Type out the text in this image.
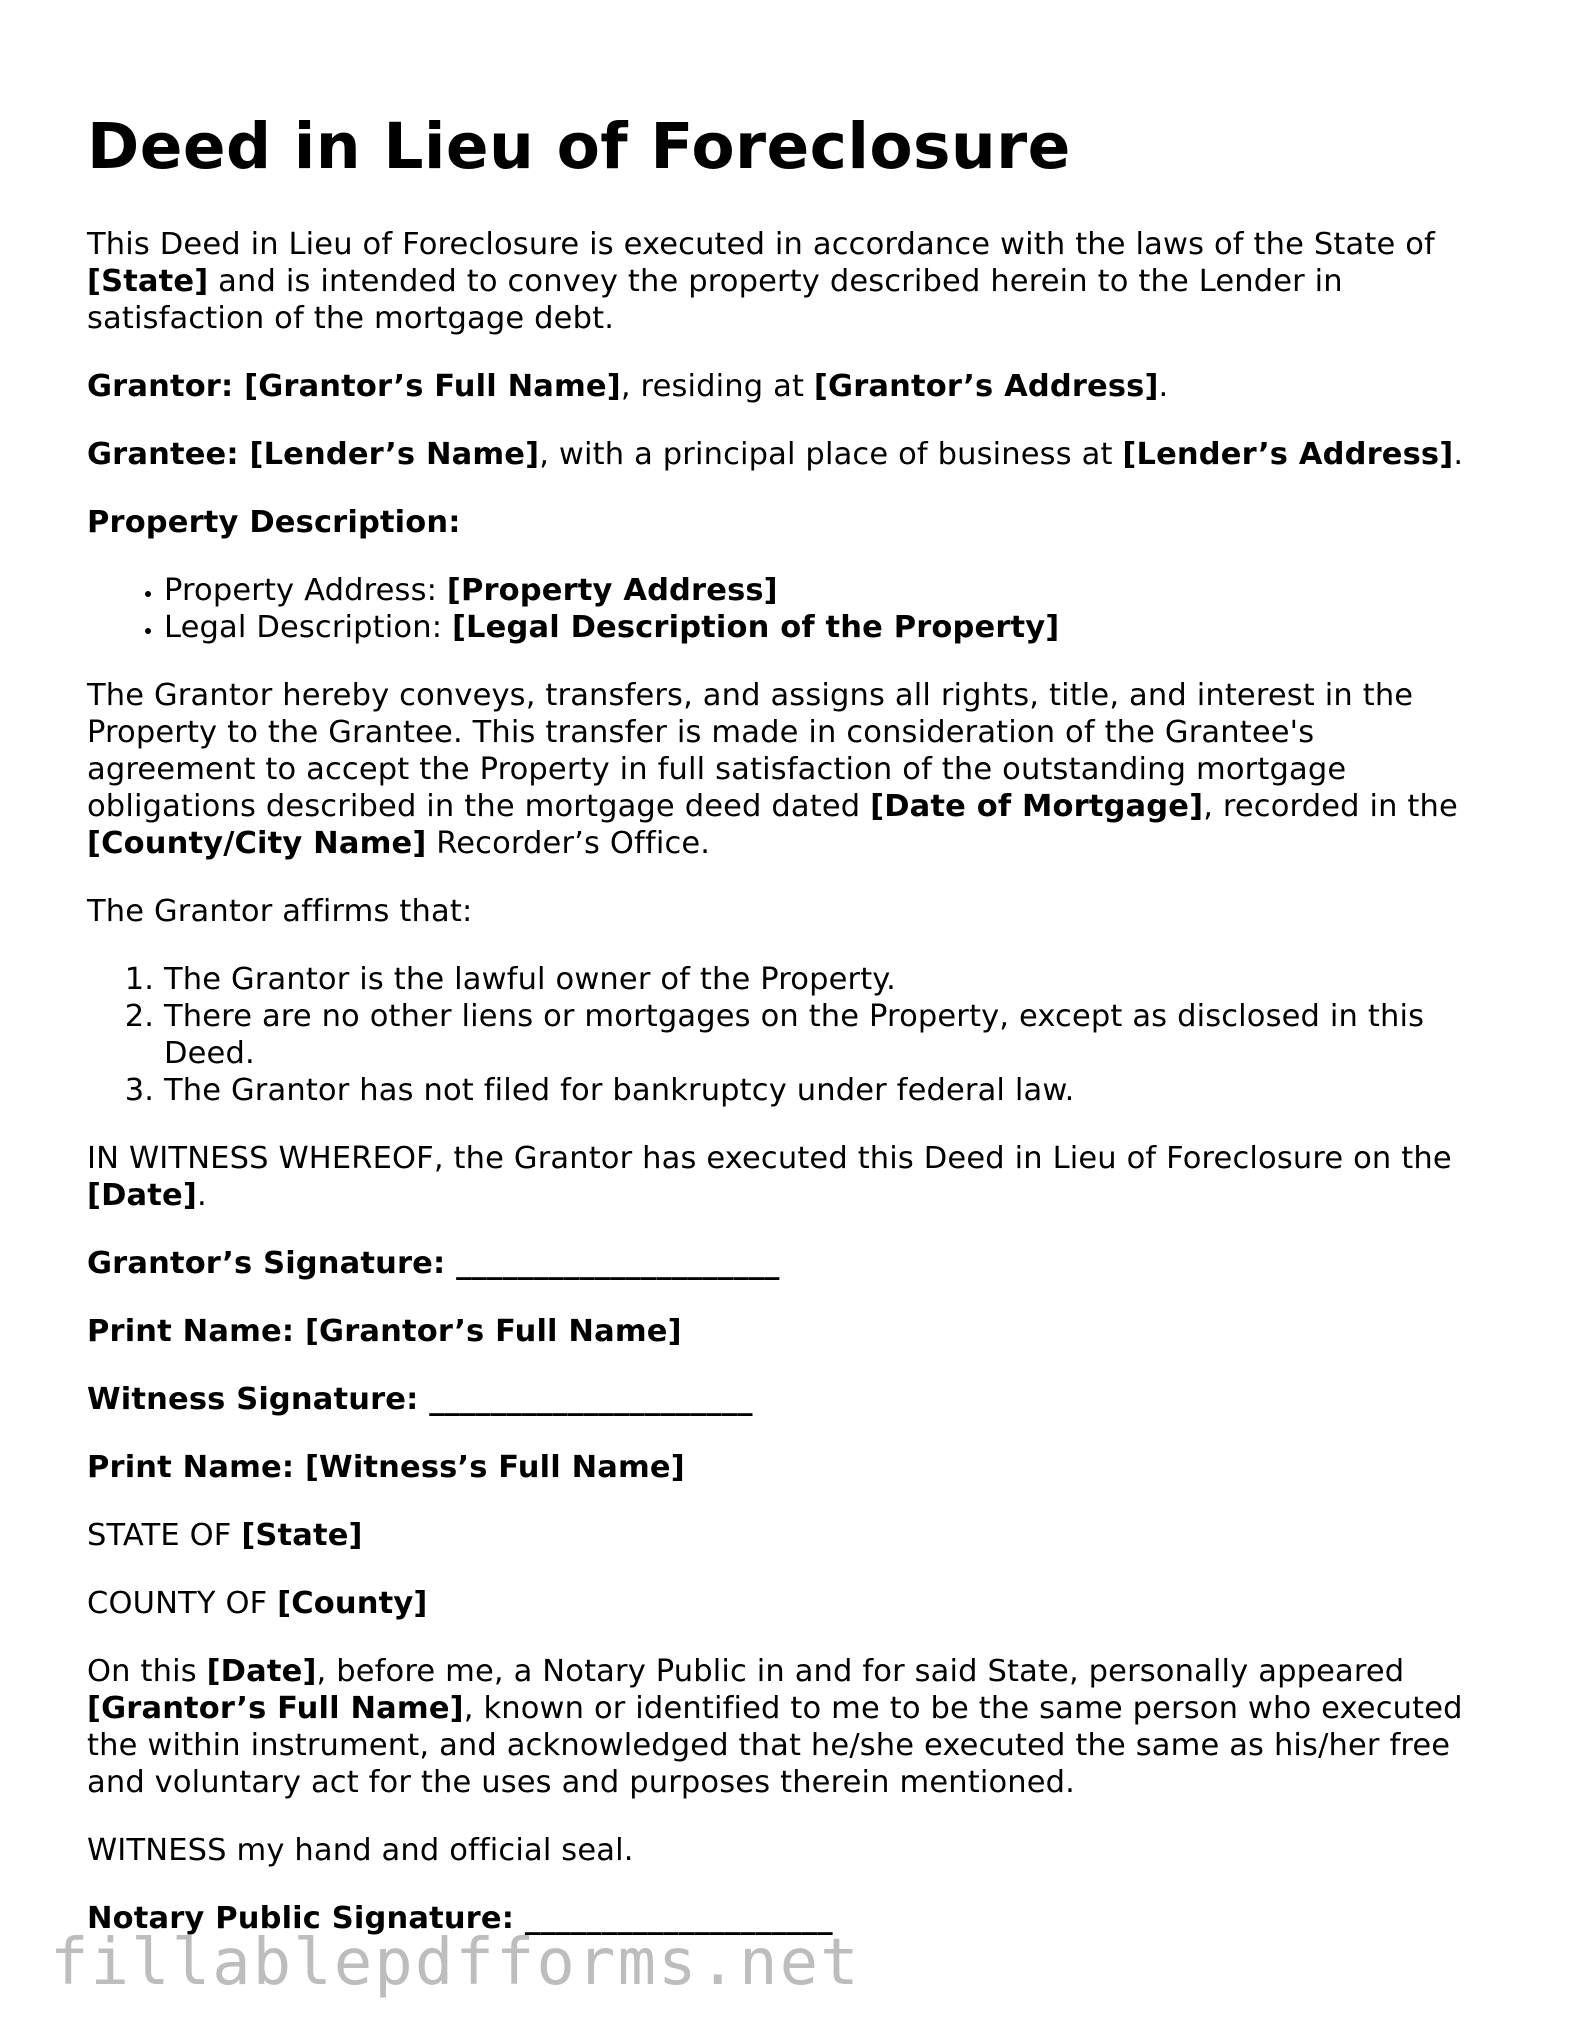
Deed in Lieu of Foreclosure

This Deed in Lieu of Foreclosure is executed in accordance with the laws of the State of [State] and is intended to convey the property described herein to the Lender in satisfaction of the mortgage debt.

Grantor: [Grantor’s Full Name], residing at [Grantor’s Address].

Grantee: [Lender’s Name], with a principal place of business at [Lender’s Address].

Property Description:

• Property Address: [Property Address]
• Legal Description: [Legal Description of the Property]

The Grantor hereby conveys, transfers, and assigns all rights, title, and interest in the Property to the Grantee. This transfer is made in consideration of the Grantee's agreement to accept the Property in full satisfaction of the outstanding mortgage obligations described in the mortgage deed dated [Date of Mortgage], recorded in the [County/City Name] Recorder’s Office.

The Grantor affirms that:

1. The Grantor is the lawful owner of the Property.
2. There are no other liens or mortgages on the Property, except as disclosed in this Deed.
3. The Grantor has not filed for bankruptcy under federal law.

IN WITNESS WHEREOF, the Grantor has executed this Deed in Lieu of Foreclosure on the [Date].

Grantor’s Signature: _____________________

Print Name: [Grantor’s Full Name]

Witness Signature: _____________________

Print Name: [Witness’s Full Name]

STATE OF [State]

COUNTY OF [County]

On this [Date], before me, a Notary Public in and for said State, personally appeared [Grantor’s Full Name], known or identified to me to be the same person who executed the within instrument, and acknowledged that he/she executed the same as his/her free and voluntary act for the uses and purposes therein mentioned.

WITNESS my hand and official seal.

Notary Public Signature: ____________________

fillablepdfforms.net
